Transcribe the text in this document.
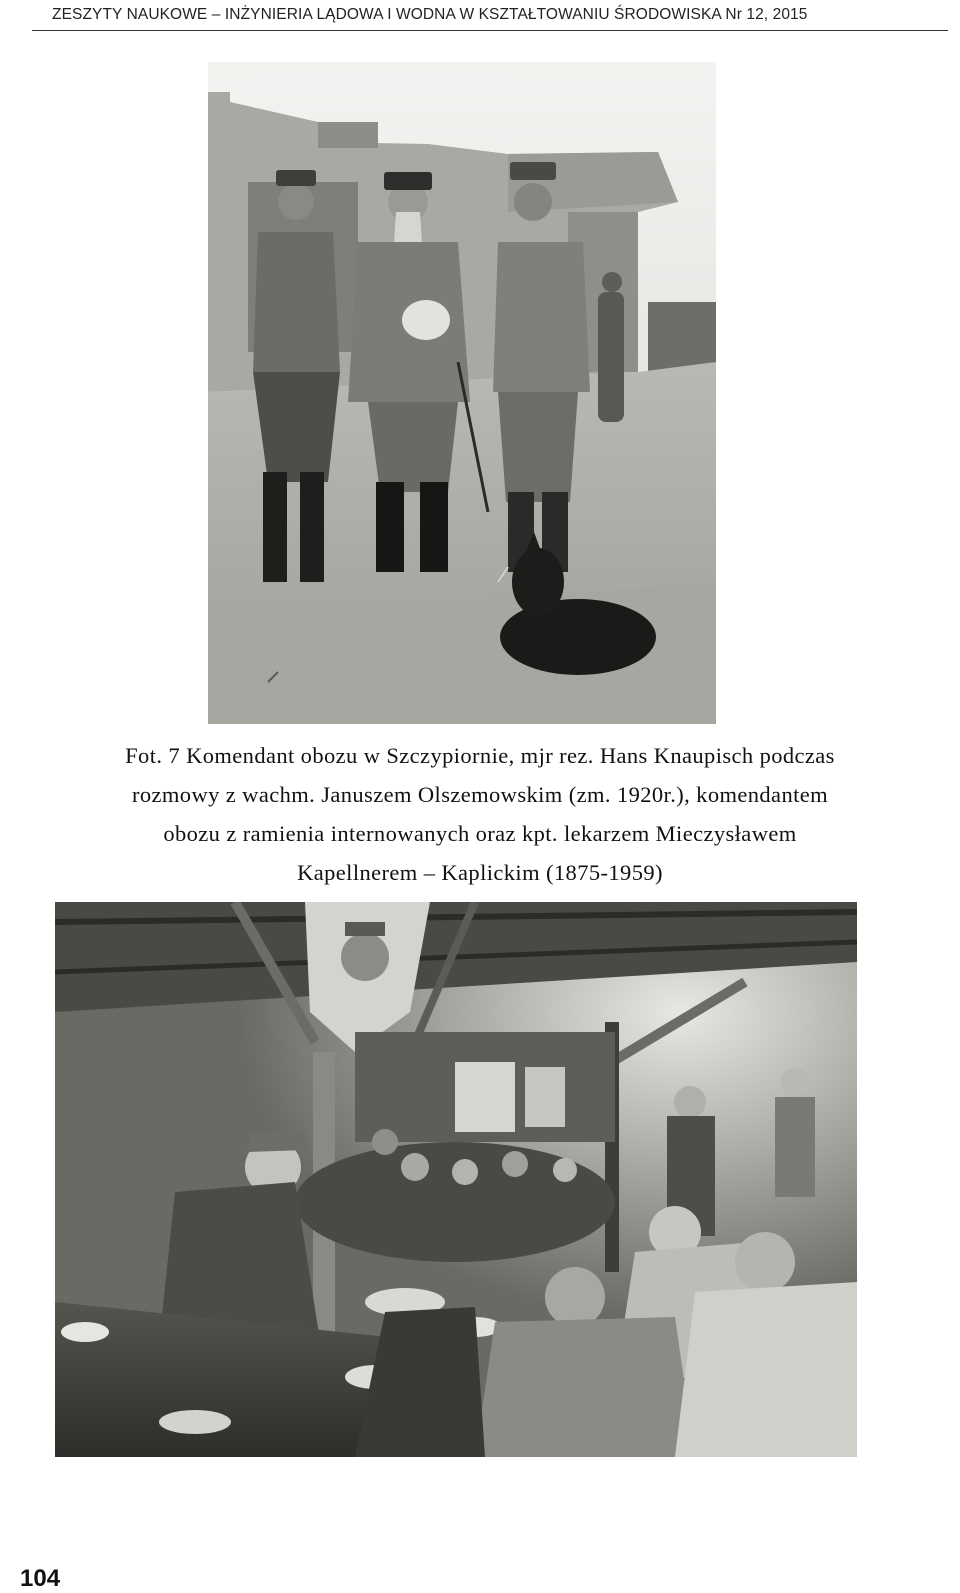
ZESZYTY NAUKOWE – INŻYNIERIA LĄDOWA I WODNA W KSZTAŁTOWANIU ŚRODOWISKA Nr 12, 2015
Fot. 7 Komendant obozu w Szczypiornie, mjr rez. Hans Knaupisch podczas
rozmowy z wachm. Januszem Olszemowskim (zm. 1920r.), komendantem
obozu z ramienia internowanych oraz kpt. lekarzem Mieczysławem
Kapellnerem – Kaplickim (1875-1959)
104
